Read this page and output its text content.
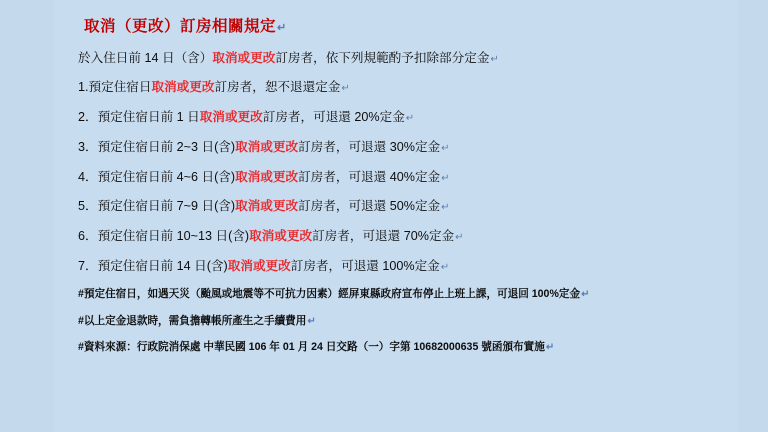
取消（更改）訂房相關規定↵
於入住日前 14 日（含）取消或更改訂房者，依下列規範酌予扣除部分定金↵
1.預定住宿日取消或更改訂房者，恕不退還定金↵
2．預定住宿日前 1 日取消或更改訂房者，可退還 20%定金↵
3．預定住宿日前 2~3 日(含)取消或更改訂房者，可退還 30%定金↵
4．預定住宿日前 4~6 日(含)取消或更改訂房者，可退還 40%定金↵
5．預定住宿日前 7~9 日(含)取消或更改訂房者，可退還 50%定金↵
6．預定住宿日前 10~13 日(含)取消或更改訂房者，可退還 70%定金↵
7．預定住宿日前 14 日(含)取消或更改訂房者，可退還 100%定金↵
#預定住宿日，如遇天災（颱風或地震等不可抗力因素）經屏東縣政府宣布停止上班上課，可退回 100%定金↵
#以上定金退款時，需負擔轉帳所產生之手續費用↵
#資料來源：行政院消保處 中華民國 106 年 01 月 24 日交路（一）字第 10682000635 號函頒布實施↵
